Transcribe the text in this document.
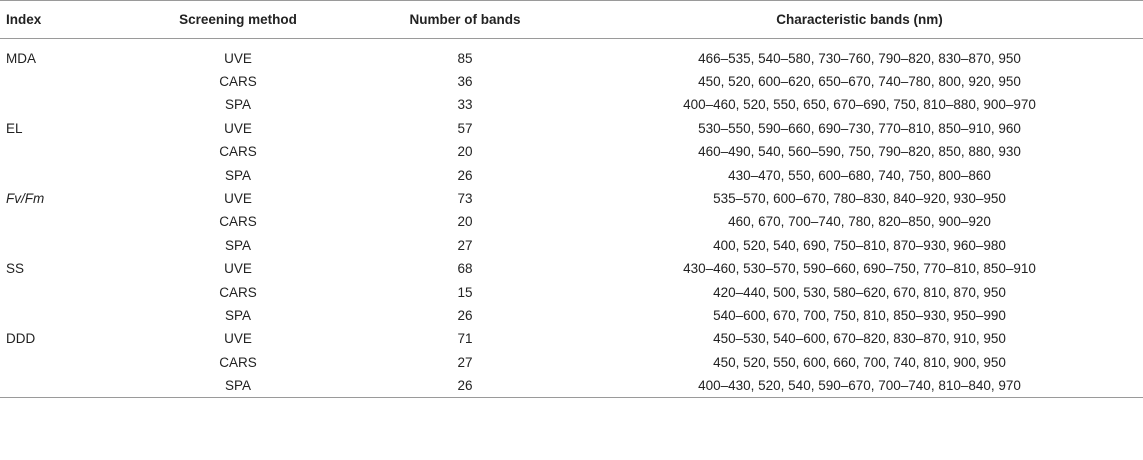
Index	Screening method	Number of bands	Characteristic bands (nm)

MDA	UVE	85	466–535, 540–580, 730–760, 790–820, 830–870, 950
	CARS	36	450, 520, 600–620, 650–670, 740–780, 800, 920, 950
	SPA	33	400–460, 520, 550, 650, 670–690, 750, 810–880, 900–970
EL	UVE	57	530–550, 590–660, 690–730, 770–810, 850–910, 960
	CARS	20	460–490, 540, 560–590, 750, 790–820, 850, 880, 930
	SPA	26	430–470, 550, 600–680, 740, 750, 800–860
Fv/Fm	UVE	73	535–570, 600–670, 780–830, 840–920, 930–950
	CARS	20	460, 670, 700–740, 780, 820–850, 900–920
	SPA	27	400, 520, 540, 690, 750–810, 870–930, 960–980
SS	UVE	68	430–460, 530–570, 590–660, 690–750, 770–810, 850–910
	CARS	15	420–440, 500, 530, 580–620, 670, 810, 870, 950
	SPA	26	540–600, 670, 700, 750, 810, 850–930, 950–990
DDD	UVE	71	450–530, 540–600, 670–820, 830–870, 910, 950
	CARS	27	450, 520, 550, 600, 660, 700, 740, 810, 900, 950
	SPA	26	400–430, 520, 540, 590–670, 700–740, 810–840, 970
